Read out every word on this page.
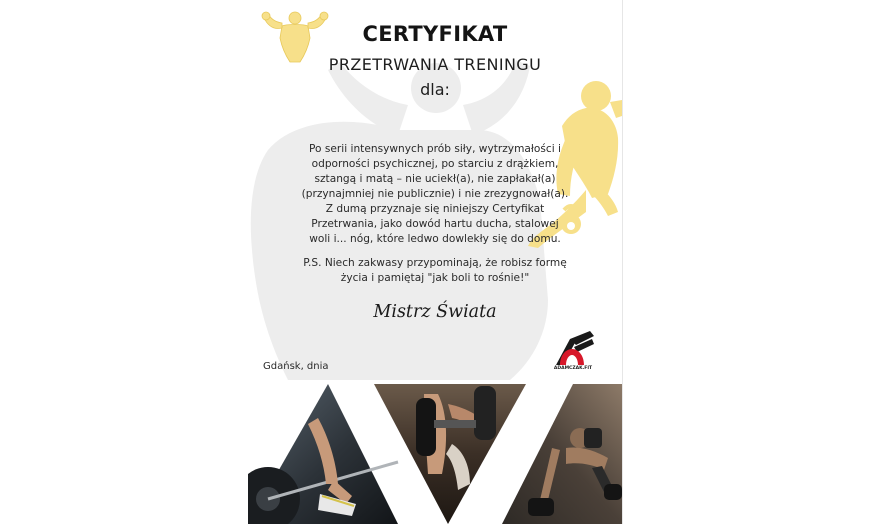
CERTYFIKAT
PRZETRWANIA TRENINGU
dla:
Po serii intensywnych prób siły, wytrzymałości i
odporności psychicznej, po starciu z drążkiem,
sztangą i matą – nie uciekł(a), nie zapłakał(a)
(przynajmniej nie publicznie) i nie zrezygnował(a).
Z dumą przyznaje się niniejszy Certyfikat
Przetrwania, jako dowód hartu ducha, stalowej
woli i... nóg, które ledwo dowlekły się do domu.
P.S. Niech zakwasy przypominają, że robisz formę
życia i pamiętaj "jak boli to rośnie!"
Mistrz Świata
Gdańsk, dnia	ADAMCZAK.FIT
